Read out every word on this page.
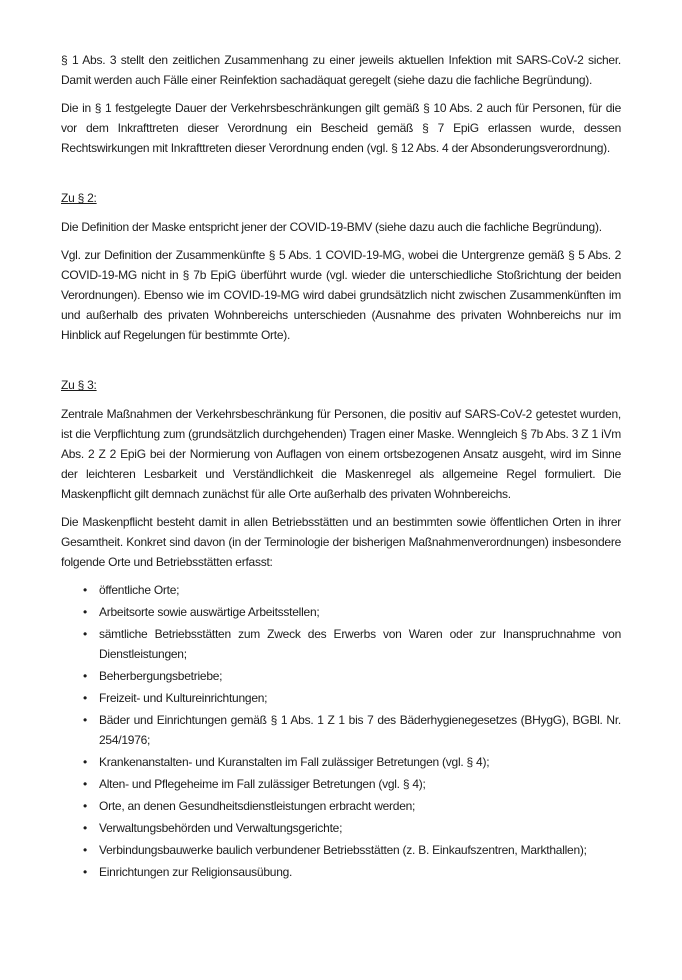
§ 1 Abs. 3 stellt den zeitlichen Zusammenhang zu einer jeweils aktuellen Infektion mit SARS-CoV-2 sicher. Damit werden auch Fälle einer Reinfektion sachadäquat geregelt (siehe dazu die fachliche Begründung).

Die in § 1 festgelegte Dauer der Verkehrsbeschränkungen gilt gemäß § 10 Abs. 2 auch für Personen, für die vor dem Inkrafttreten dieser Verordnung ein Bescheid gemäß § 7 EpiG erlassen wurde, dessen Rechtswirkungen mit Inkrafttreten dieser Verordnung enden (vgl. § 12 Abs. 4 der Absonderungsverordnung).

Zu § 2:

Die Definition der Maske entspricht jener der COVID-19-BMV (siehe dazu auch die fachliche Begründung).

Vgl. zur Definition der Zusammenkünfte § 5 Abs. 1 COVID-19-MG, wobei die Untergrenze gemäß § 5 Abs. 2 COVID-19-MG nicht in § 7b EpiG überführt wurde (vgl. wieder die unterschiedliche Stoßrichtung der beiden Verordnungen). Ebenso wie im COVID-19-MG wird dabei grundsätzlich nicht zwischen Zusammenkünften im und außerhalb des privaten Wohnbereichs unterschieden (Ausnahme des privaten Wohnbereichs nur im Hinblick auf Regelungen für bestimmte Orte).

Zu § 3:

Zentrale Maßnahmen der Verkehrsbeschränkung für Personen, die positiv auf SARS-CoV-2 getestet wurden, ist die Verpflichtung zum (grundsätzlich durchgehenden) Tragen einer Maske. Wenngleich § 7b Abs. 3 Z 1 iVm Abs. 2 Z 2 EpiG bei der Normierung von Auflagen von einem ortsbezogenen Ansatz ausgeht, wird im Sinne der leichteren Lesbarkeit und Verständlichkeit die Maskenregel als allgemeine Regel formuliert. Die Maskenpflicht gilt demnach zunächst für alle Orte außerhalb des privaten Wohnbereichs.

Die Maskenpflicht besteht damit in allen Betriebsstätten und an bestimmten sowie öffentlichen Orten in ihrer Gesamtheit. Konkret sind davon (in der Terminologie der bisherigen Maßnahmenverordnungen) insbesondere folgende Orte und Betriebsstätten erfasst:

• öffentliche Orte;
• Arbeitsorte sowie auswärtige Arbeitsstellen;
• sämtliche Betriebsstätten zum Zweck des Erwerbs von Waren oder zur Inanspruchnahme von Dienstleistungen;
• Beherbergungsbetriebe;
• Freizeit- und Kultureinrichtungen;
• Bäder und Einrichtungen gemäß § 1 Abs. 1 Z 1 bis 7 des Bäderhygienegesetzes (BHygG), BGBl. Nr. 254/1976;
• Krankenanstalten- und Kuranstalten im Fall zulässiger Betretungen (vgl. § 4);
• Alten- und Pflegeheime im Fall zulässiger Betretungen (vgl. § 4);
• Orte, an denen Gesundheitsdienstleistungen erbracht werden;
• Verwaltungsbehörden und Verwaltungsgerichte;
• Verbindungsbauwerke baulich verbundener Betriebsstätten (z. B. Einkaufszentren, Markthallen);
• Einrichtungen zur Religionsausübung.
